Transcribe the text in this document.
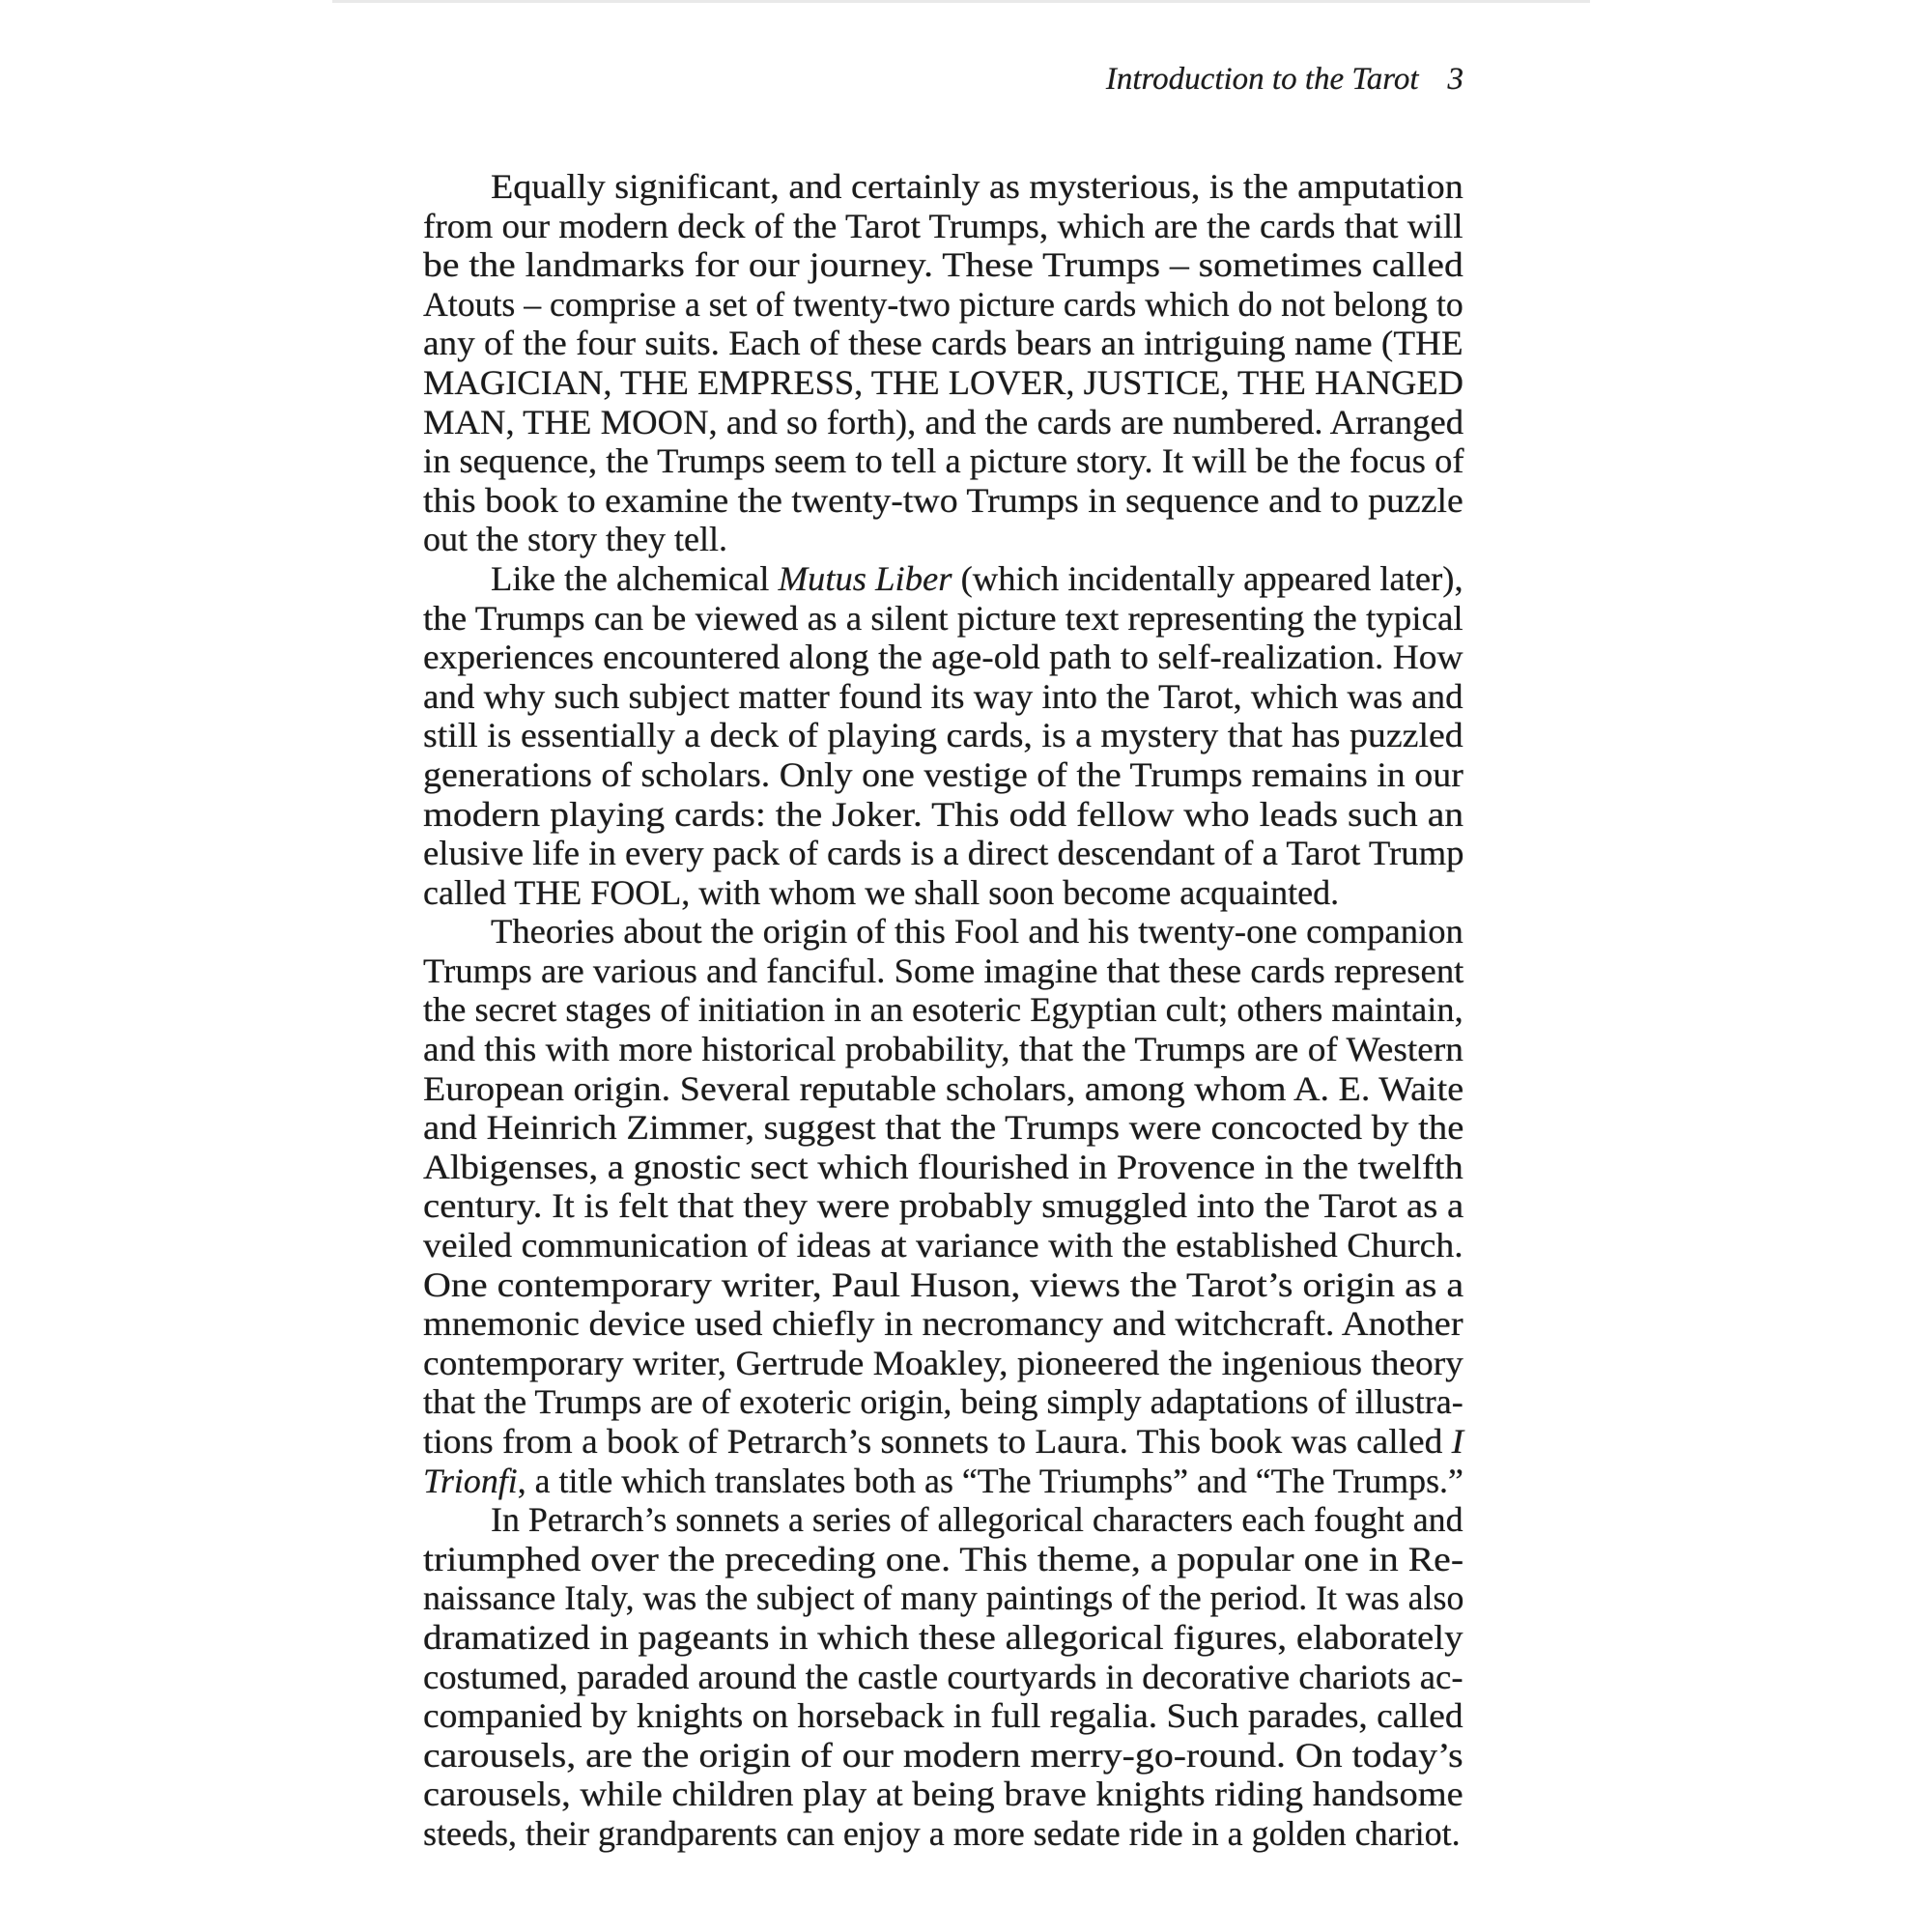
Introduction to the Tarot 3
Equally significant, and certainly as mysterious, is the amputation
from our modern deck of the Tarot Trumps, which are the cards that will
be the landmarks for our journey. These Trumps – sometimes called
Atouts – comprise a set of twenty-two picture cards which do not belong to
any of the four suits. Each of these cards bears an intriguing name (THE
MAGICIAN, THE EMPRESS, THE LOVER, JUSTICE, THE HANGED
MAN, THE MOON, and so forth), and the cards are numbered. Arranged
in sequence, the Trumps seem to tell a picture story. It will be the focus of
this book to examine the twenty-two Trumps in sequence and to puzzle
out the story they tell.
Like the alchemical Mutus Liber (which incidentally appeared later),
the Trumps can be viewed as a silent picture text representing the typical
experiences encountered along the age-old path to self-realization. How
and why such subject matter found its way into the Tarot, which was and
still is essentially a deck of playing cards, is a mystery that has puzzled
generations of scholars. Only one vestige of the Trumps remains in our
modern playing cards: the Joker. This odd fellow who leads such an
elusive life in every pack of cards is a direct descendant of a Tarot Trump
called THE FOOL, with whom we shall soon become acquainted.
Theories about the origin of this Fool and his twenty-one companion
Trumps are various and fanciful. Some imagine that these cards represent
the secret stages of initiation in an esoteric Egyptian cult; others maintain,
and this with more historical probability, that the Trumps are of Western
European origin. Several reputable scholars, among whom A. E. Waite
and Heinrich Zimmer, suggest that the Trumps were concocted by the
Albigenses, a gnostic sect which flourished in Provence in the twelfth
century. It is felt that they were probably smuggled into the Tarot as a
veiled communication of ideas at variance with the established Church.
One contemporary writer, Paul Huson, views the Tarot’s origin as a
mnemonic device used chiefly in necromancy and witchcraft. Another
contemporary writer, Gertrude Moakley, pioneered the ingenious theory
that the Trumps are of exoteric origin, being simply adaptations of illustra-
tions from a book of Petrarch’s sonnets to Laura. This book was called I
Trionfi, a title which translates both as “The Triumphs” and “The Trumps.”
In Petrarch’s sonnets a series of allegorical characters each fought and
triumphed over the preceding one. This theme, a popular one in Re-
naissance Italy, was the subject of many paintings of the period. It was also
dramatized in pageants in which these allegorical figures, elaborately
costumed, paraded around the castle courtyards in decorative chariots ac-
companied by knights on horseback in full regalia. Such parades, called
carousels, are the origin of our modern merry-go-round. On today’s
carousels, while children play at being brave knights riding handsome
steeds, their grandparents can enjoy a more sedate ride in a golden chariot.
